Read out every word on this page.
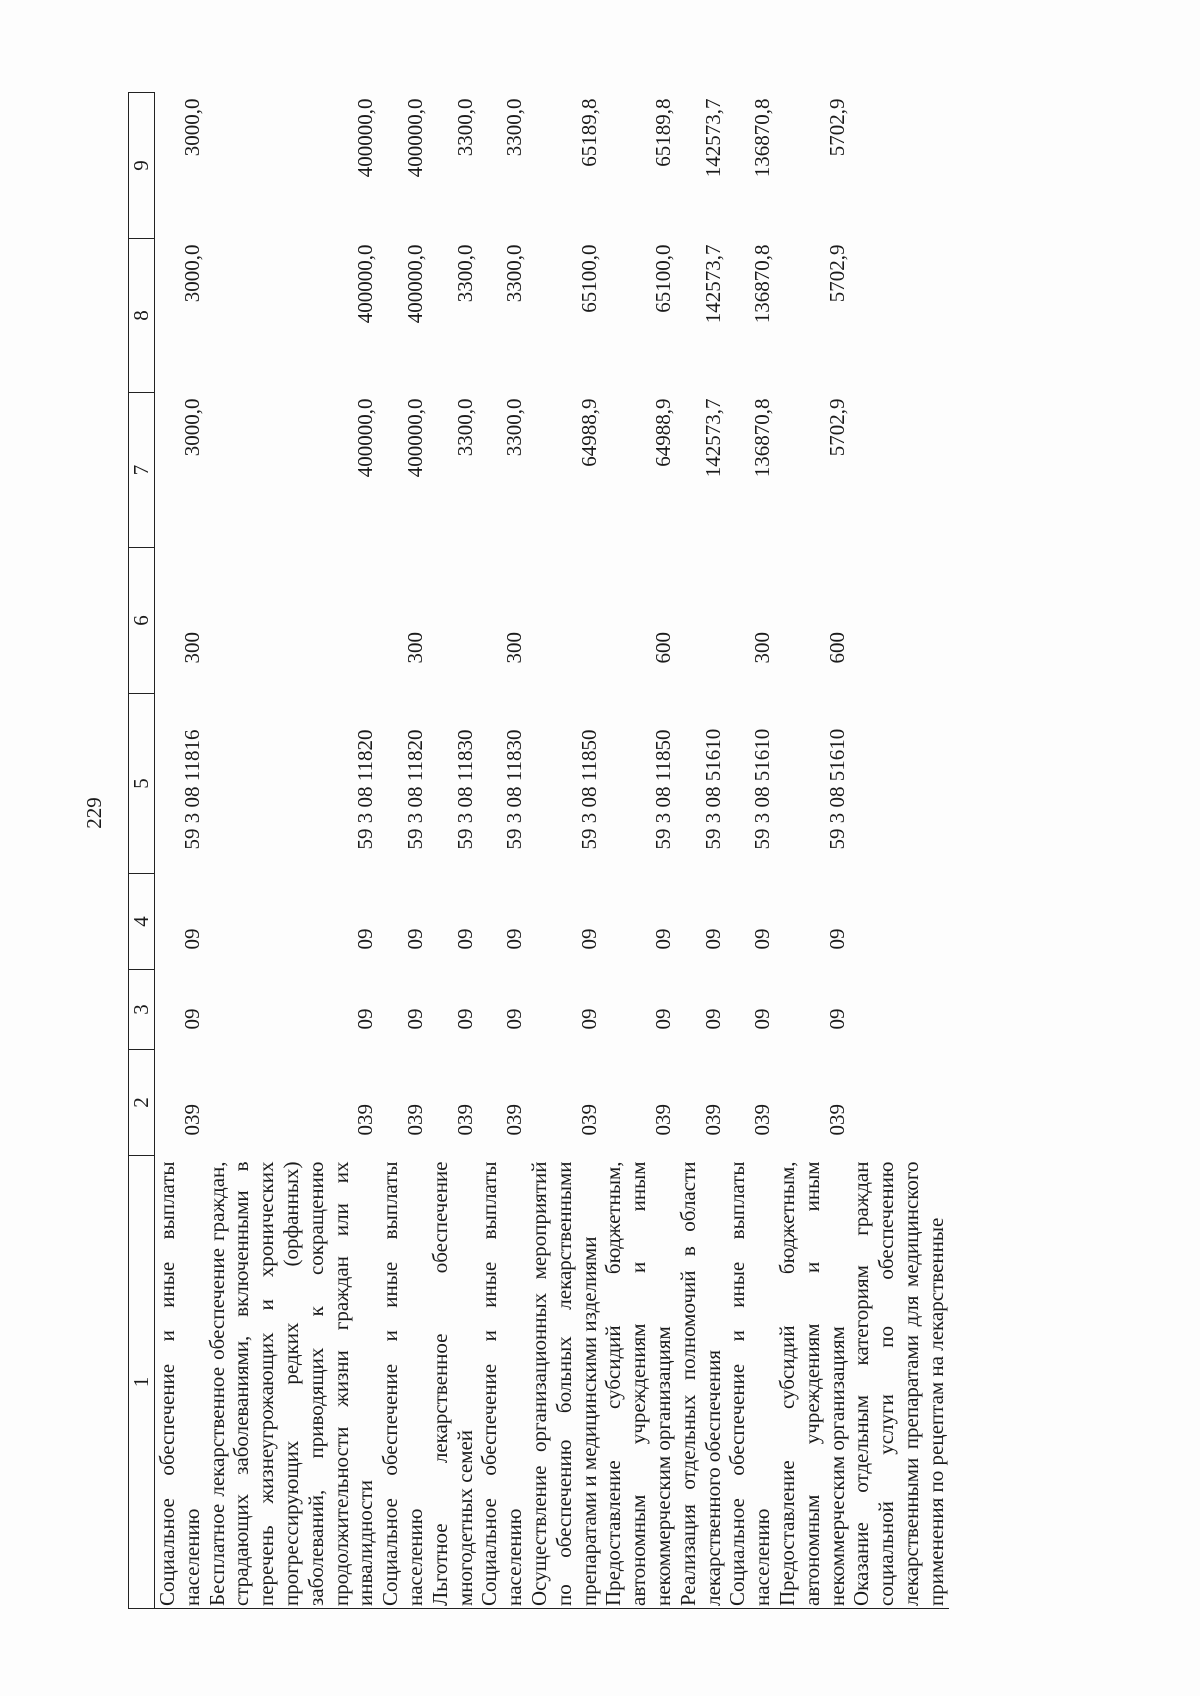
229
1	2	3	4	5	6	7	8	9
Социальное обеспечение и иные выплаты населению	039	09	09	59 3 08 11816	300	3000,0	3000,0	3000,0
Бесплатное лекарственное обеспечение граждан, страдающих заболеваниями, включенными в перечень жизнеугрожающих и хронических прогрессирующих редких (орфанных) заболеваний, приводящих к сокращению продолжительности жизни граждан или их инвалидности	039	09	09	59 3 08 11820		400000,0	400000,0	400000,0
Социальное обеспечение и иные выплаты населению	039	09	09	59 3 08 11820	300	400000,0	400000,0	400000,0
Льготное лекарственное обеспечение многодетных семей	039	09	09	59 3 08 11830		3300,0	3300,0	3300,0
Социальное обеспечение и иные выплаты населению	039	09	09	59 3 08 11830	300	3300,0	3300,0	3300,0
Осуществление организационных мероприятий по обеспечению больных лекарственными препаратами и медицинскими изделиями	039	09	09	59 3 08 11850		64988,9	65100,0	65189,8
Предоставление субсидий бюджетным, автономным учреждениям и иным некоммерческим организациям	039	09	09	59 3 08 11850	600	64988,9	65100,0	65189,8
Реализация отдельных полномочий в области лекарственного обеспечения	039	09	09	59 3 08 51610		142573,7	142573,7	142573,7
Социальное обеспечение и иные выплаты населению	039	09	09	59 3 08 51610	300	136870,8	136870,8	136870,8
Предоставление субсидий бюджетным, автономным учреждениям и иным некоммерческим организациям	039	09	09	59 3 08 51610	600	5702,9	5702,9	5702,9
Оказание отдельным категориям граждан социальной услуги по обеспечению лекарственными препаратами для медицинского применения по рецептам на лекарственные								
